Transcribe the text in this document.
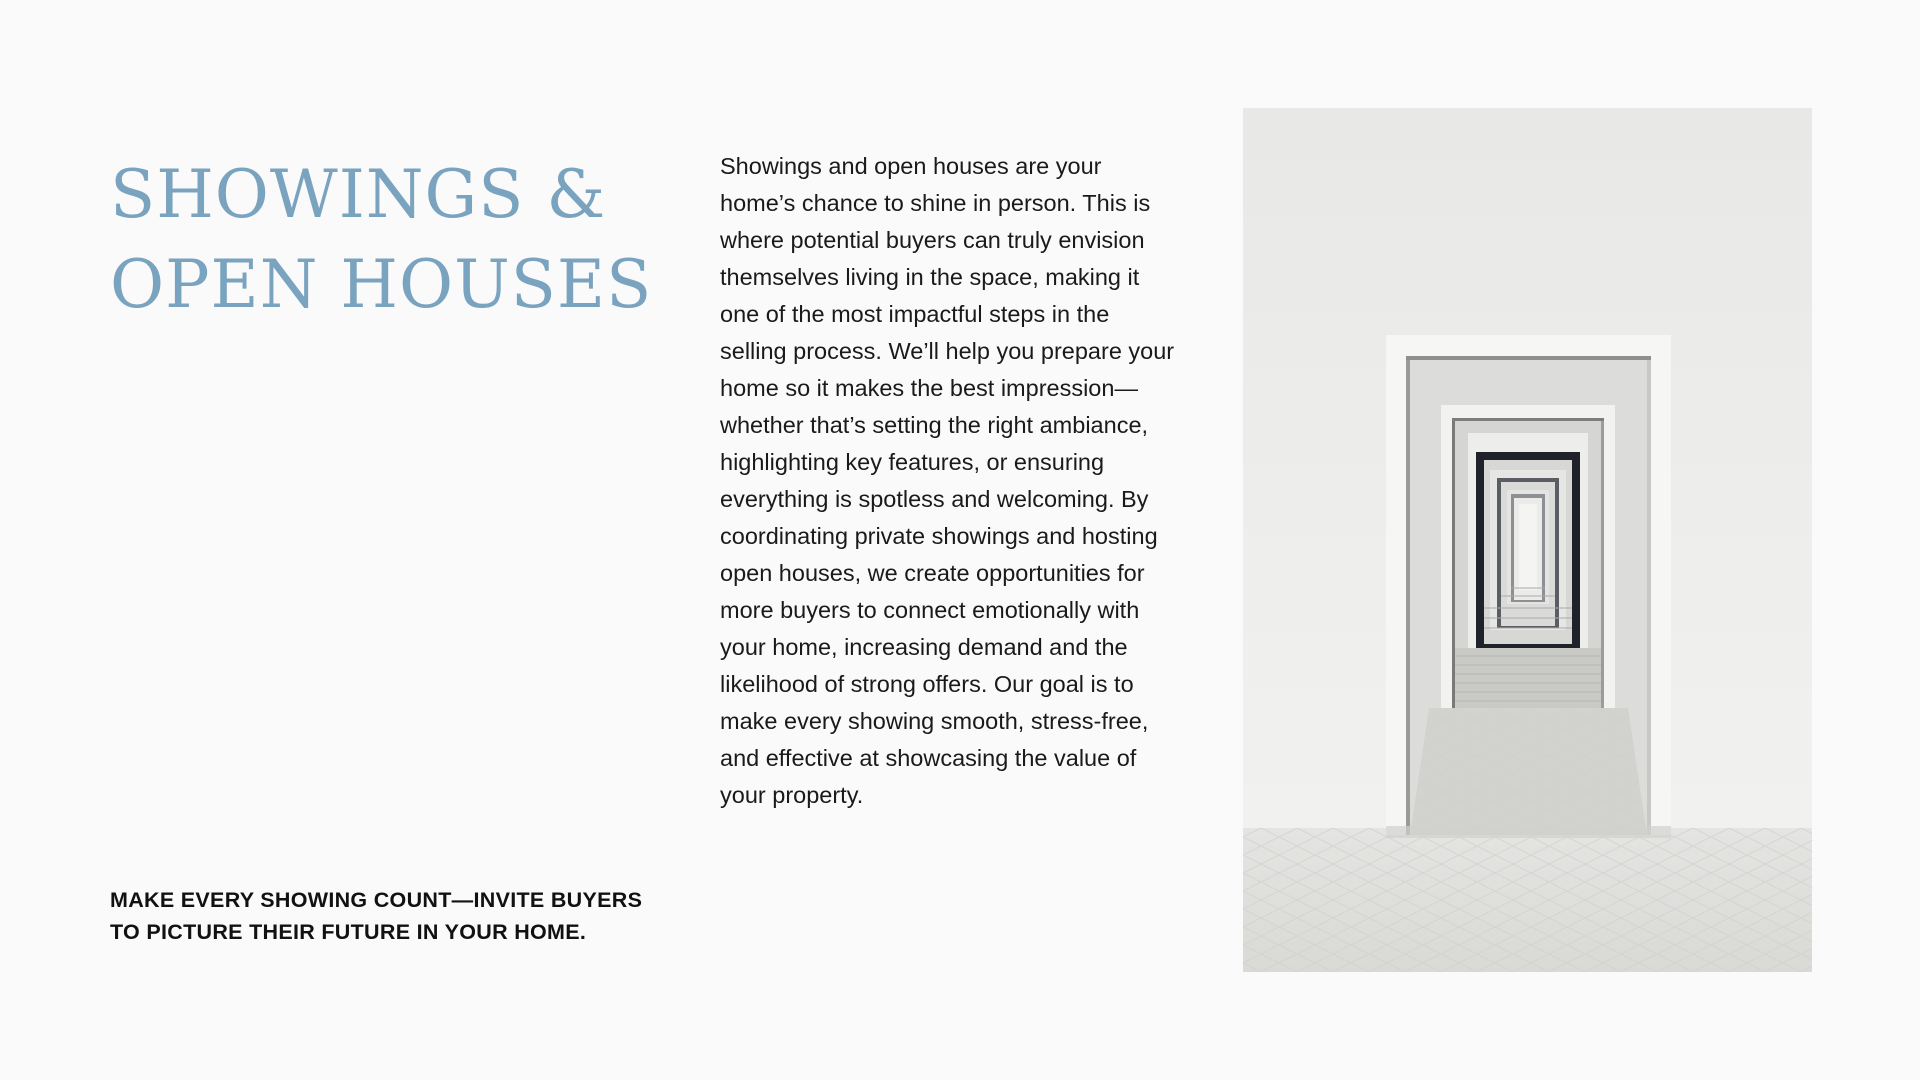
SHOWINGS &
OPEN HOUSES

Showings and open houses are your home’s chance to shine in person. This is where potential buyers can truly envision themselves living in the space, making it one of the most impactful steps in the selling process. We’ll help you prepare your home so it makes the best impression—whether that’s setting the right ambiance, highlighting key features, or ensuring everything is spotless and welcoming. By coordinating private showings and hosting open houses, we create opportunities for more buyers to connect emotionally with your home, increasing demand and the likelihood of strong offers. Our goal is to make every showing smooth, stress-free, and effective at showcasing the value of your property.

MAKE EVERY SHOWING COUNT—INVITE BUYERS
TO PICTURE THEIR FUTURE IN YOUR HOME.
